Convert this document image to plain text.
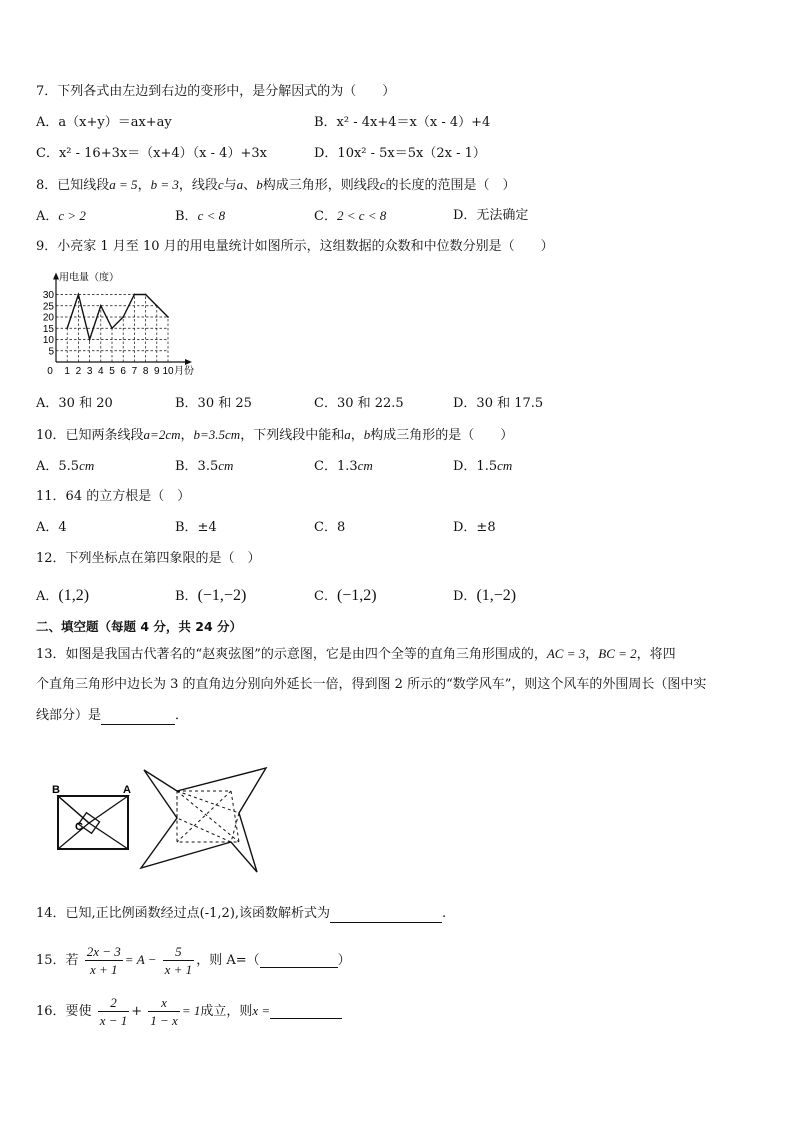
7．下列各式由左边到右边的变形中，是分解因式的为（　　）
A．a（x+y）＝ax+ay	B．x² - 4x+4＝x（x - 4）+4
C．x² - 16+3x＝（x+4）（x - 4）+3x	D．10x² - 5x＝5x（2x - 1）
8．已知线段a = 5，b = 3，线段c与a、b构成三角形，则线段c的长度的范围是（　）
A．c > 2	B．c < 8	C．2 < c < 8	D．无法确定
9．小亮家 1 月至 10 月的用电量统计如图所示，这组数据的众数和中位数分别是（　　）
用电量（度）
月份
5
10
15
20
25
30
0 1 2 3 4 5 6 7 8 9 10
A．30 和 20	B．30 和 25	C．30 和 22.5	D．30 和 17.5
10．已知两条线段a=2cm，b=3.5cm，下列线段中能和a，b构成三角形的是（　　）
A．5.5cm	B．3.5cm	C．1.3cm	D．1.5cm
11．64 的立方根是（　）
A．4	B．±4	C．8	D．±8
12．下列坐标点在第四象限的是（　）
A．(1,2)	B．(−1,−2)	C．(−1,2)	D．(1,−2)
二、填空题（每题 4 分，共 24 分）
13．如图是我国古代著名的“赵爽弦图”的示意图，它是由四个全等的直角三角形围成的，AC = 3，BC = 2，将四
个直角三角形中边长为 3 的直角边分别向外延长一倍，得到图 2 所示的“数学风车”，则这个风车的外围周长（图中实
线部分）是	．
B	A
C
14．已知,正比例函数经过点(-1,2),该函数解析式为	.
15．若 $\frac{2x - 3}{x + 1} = A - \frac{5}{x + 1}$ ，则 A=（	）
16．要使 $\frac{2}{x - 1} + \frac{x}{1 - x} = 1$成立，则x =
